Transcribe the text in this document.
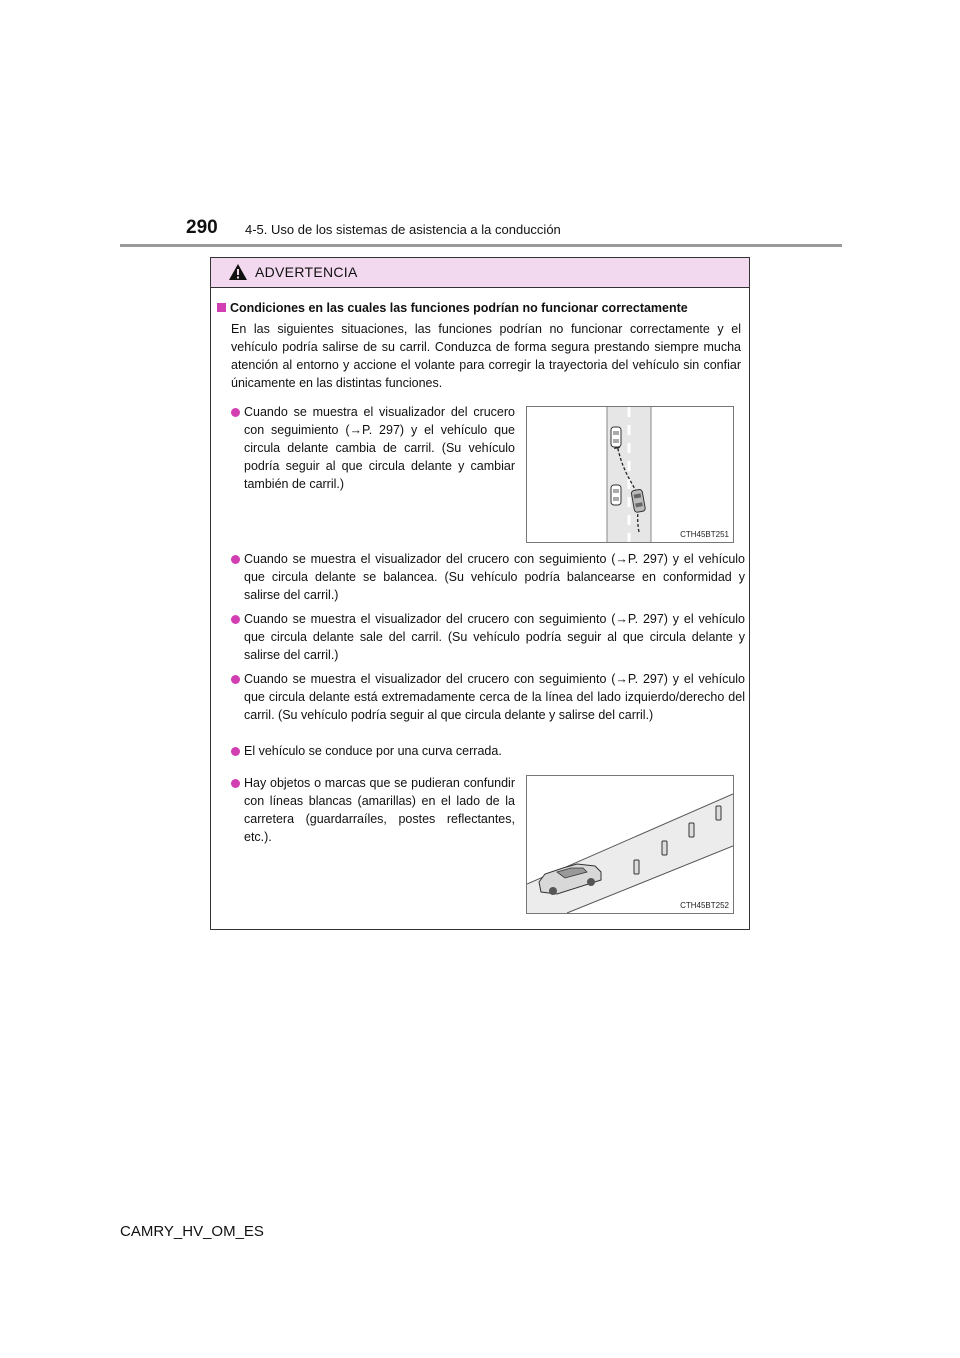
290 4-5. Uso de los sistemas de asistencia a la conducción
ADVERTENCIA
Condiciones en las cuales las funciones podrían no funcionar correctamente
En las siguientes situaciones, las funciones podrían no funcionar correctamente y el vehículo podría salirse de su carril. Conduzca de forma segura prestando siempre mucha atención al entorno y accione el volante para corregir la trayectoria del vehículo sin confiar únicamente en las distintas funciones.
Cuando se muestra el visualizador del crucero con seguimiento (→P. 297) y el vehículo que circula delante cambia de carril. (Su vehículo podría seguir al que circula delante y cambiar también de carril.)
CTH45BT251
Cuando se muestra el visualizador del crucero con seguimiento (→P. 297) y el vehículo que circula delante se balancea. (Su vehículo podría balancearse en conformidad y salirse del carril.)
Cuando se muestra el visualizador del crucero con seguimiento (→P. 297) y el vehículo que circula delante sale del carril. (Su vehículo podría seguir al que circula delante y salirse del carril.)
Cuando se muestra el visualizador del crucero con seguimiento (→P. 297) y el vehículo que circula delante está extremadamente cerca de la línea del lado izquierdo/derecho del carril. (Su vehículo podría seguir al que circula delante y salirse del carril.)
El vehículo se conduce por una curva cerrada.
Hay objetos o marcas que se pudieran confundir con líneas blancas (amarillas) en el lado de la carretera (guardarraíles, postes reflectantes, etc.).
CTH45BT252
CAMRY_HV_OM_ES
